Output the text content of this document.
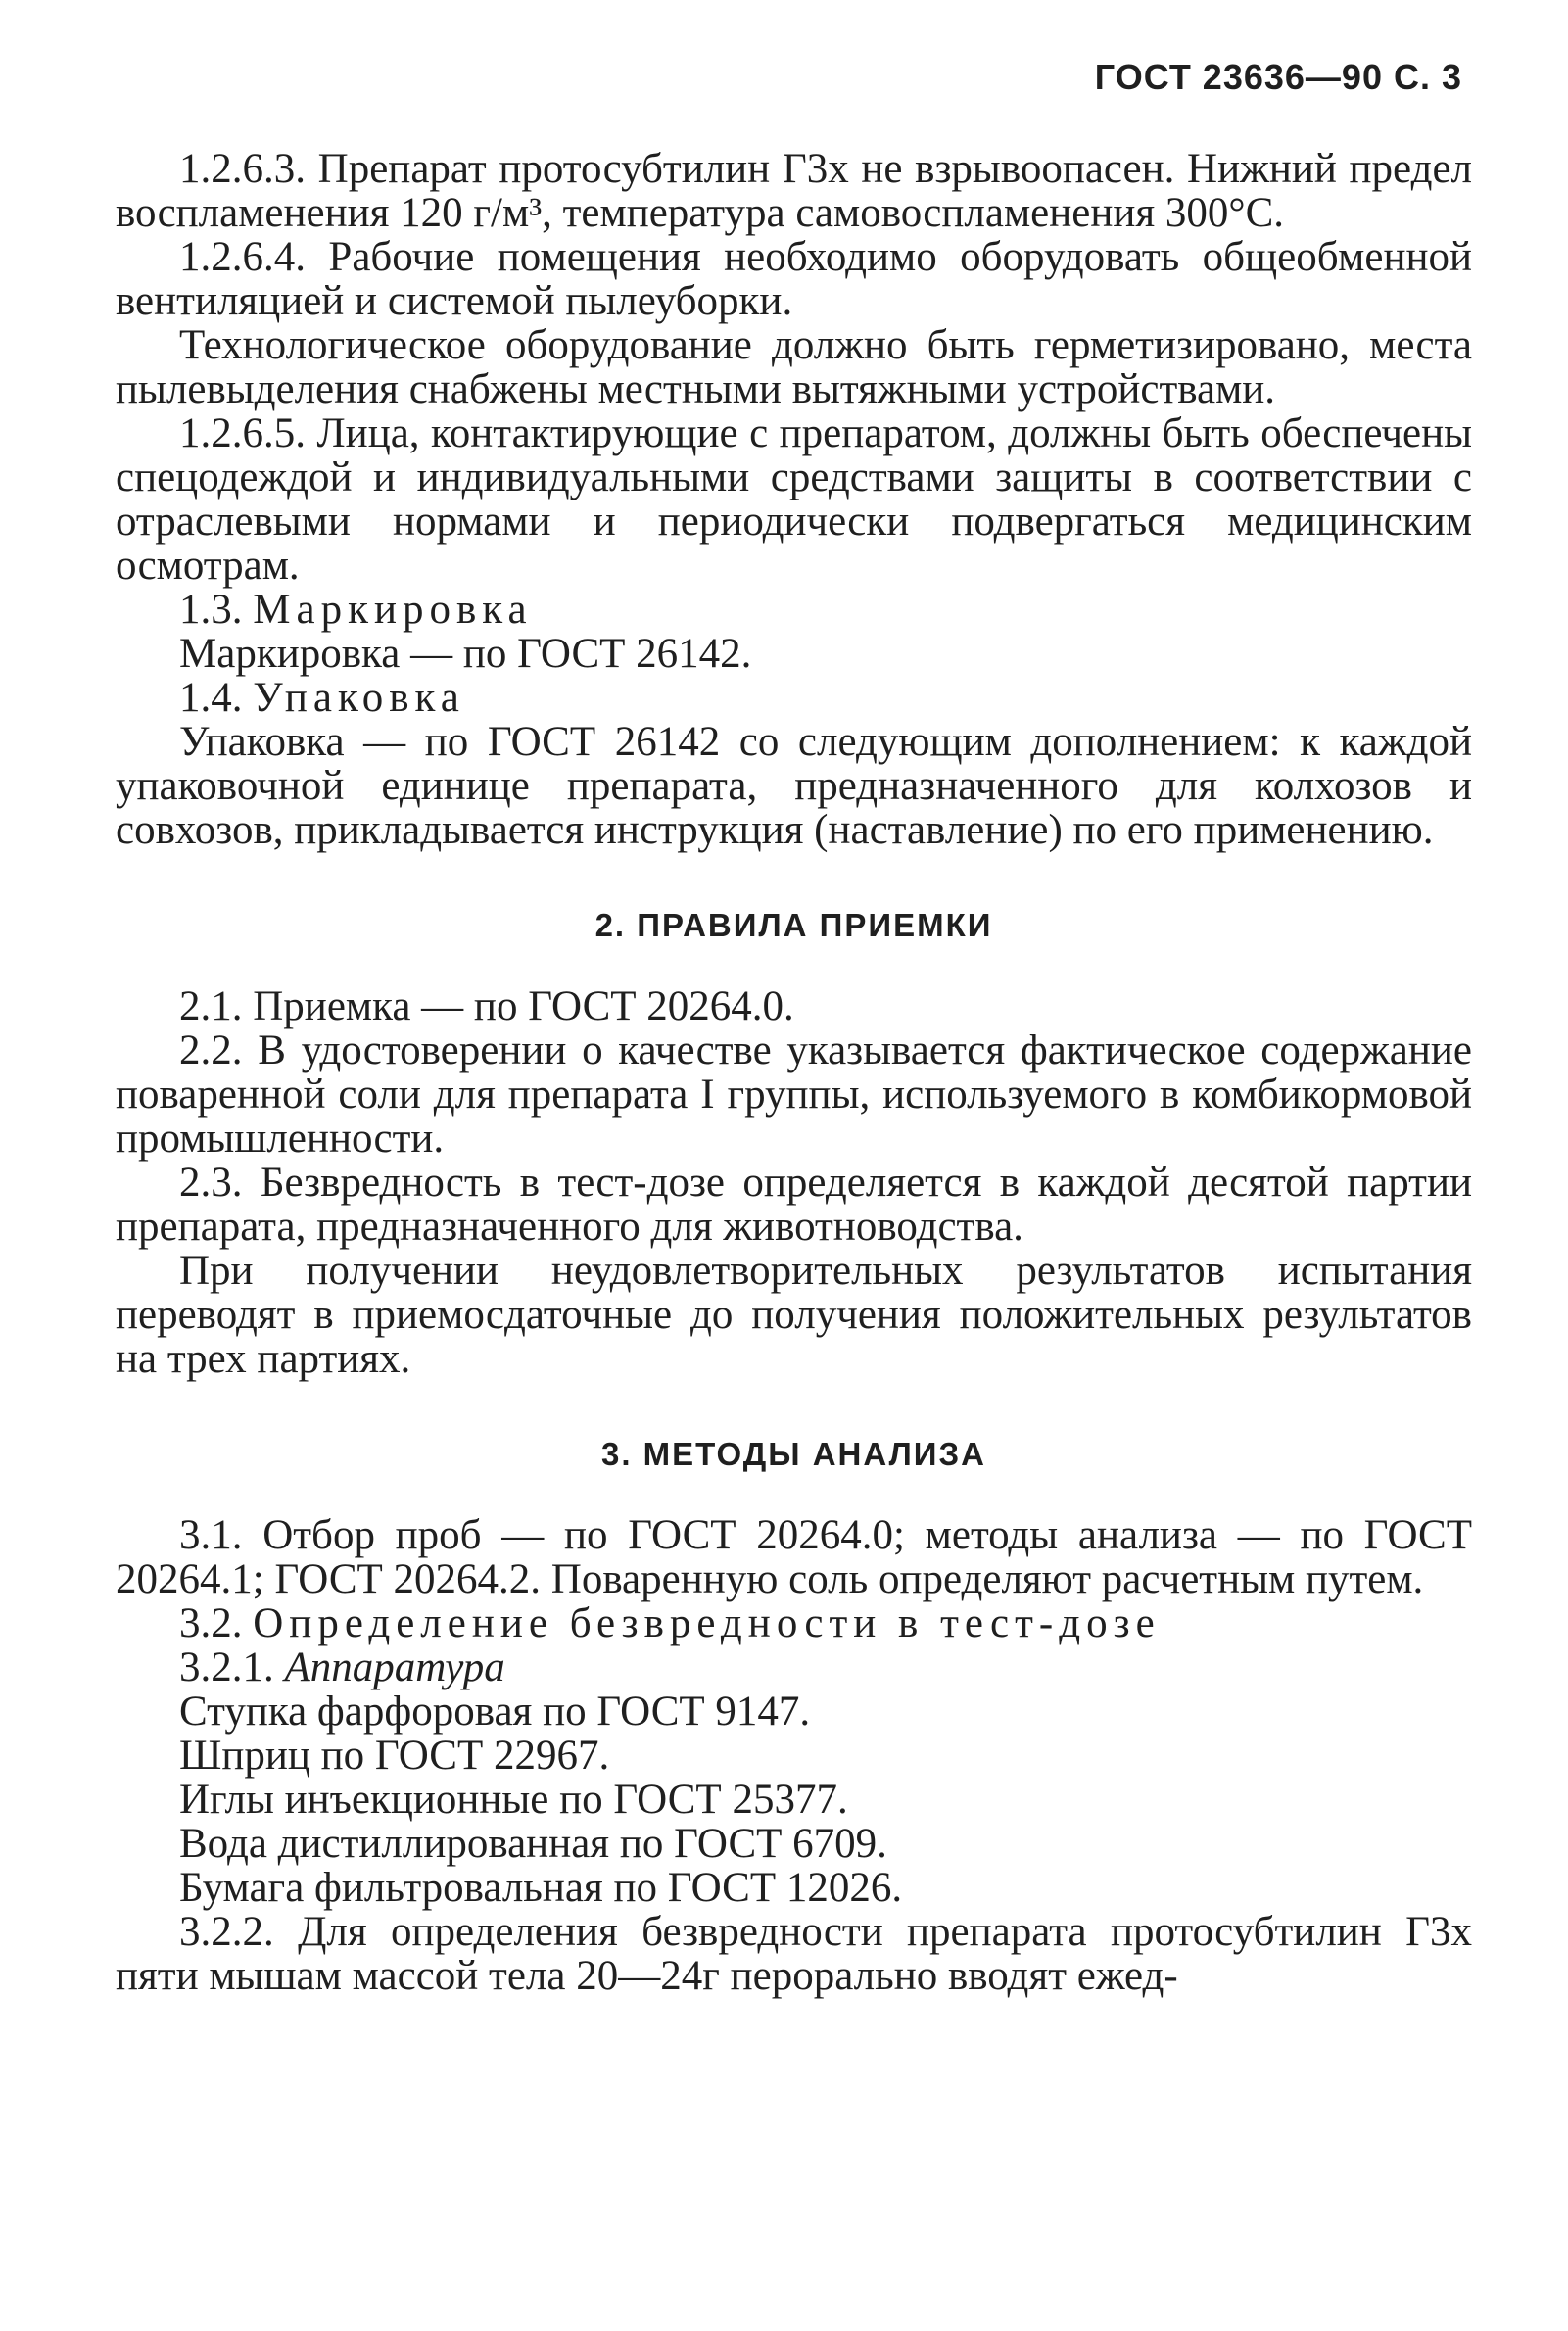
ГОСТ 23636—90 С. 3

1.2.6.3. Препарат протосубтилин Г3х не взрывоопасен. Нижний предел воспламенения 120 г/м³, температура самовоспламенения 300°С.

1.2.6.4. Рабочие помещения необходимо оборудовать общеобменной вентиляцией и системой пылеуборки.

Технологическое оборудование должно быть герметизировано, места пылевыделения снабжены местными вытяжными устройствами.

1.2.6.5. Лица, контактирующие с препаратом, должны быть обеспечены спецодеждой и индивидуальными средствами защиты в соответствии с отраслевыми нормами и периодически подвергаться медицинским осмотрам.

1.3. Маркировка

Маркировка — по ГОСТ 26142.

1.4. Упаковка

Упаковка — по ГОСТ 26142 со следующим дополнением: к каждой упаковочной единице препарата, предназначенного для колхозов и совхозов, прикладывается инструкция (наставление) по его применению.

2. ПРАВИЛА ПРИЕМКИ

2.1. Приемка — по ГОСТ 20264.0.

2.2. В удостоверении о качестве указывается фактическое содержание поваренной соли для препарата I группы, используемого в комбикормовой промышленности.

2.3. Безвредность в тест-дозе определяется в каждой десятой партии препарата, предназначенного для животноводства.

При получении неудовлетворительных результатов испытания переводят в приемосдаточные до получения положительных результатов на трех партиях.

3. МЕТОДЫ АНАЛИЗА

3.1. Отбор проб — по ГОСТ 20264.0; методы анализа — по ГОСТ 20264.1; ГОСТ 20264.2. Поваренную соль определяют расчетным путем.

3.2. Определение безвредности в тест-дозе

3.2.1. Аппаратура

Ступка фарфоровая по ГОСТ 9147.

Шприц по ГОСТ 22967.

Иглы инъекционные по ГОСТ 25377.

Вода дистиллированная по ГОСТ 6709.

Бумага фильтровальная по ГОСТ 12026.

3.2.2. Для определения безвредности препарата протосубтилин Г3х пяти мышам массой тела 20—24г перорально вводят ежед-
